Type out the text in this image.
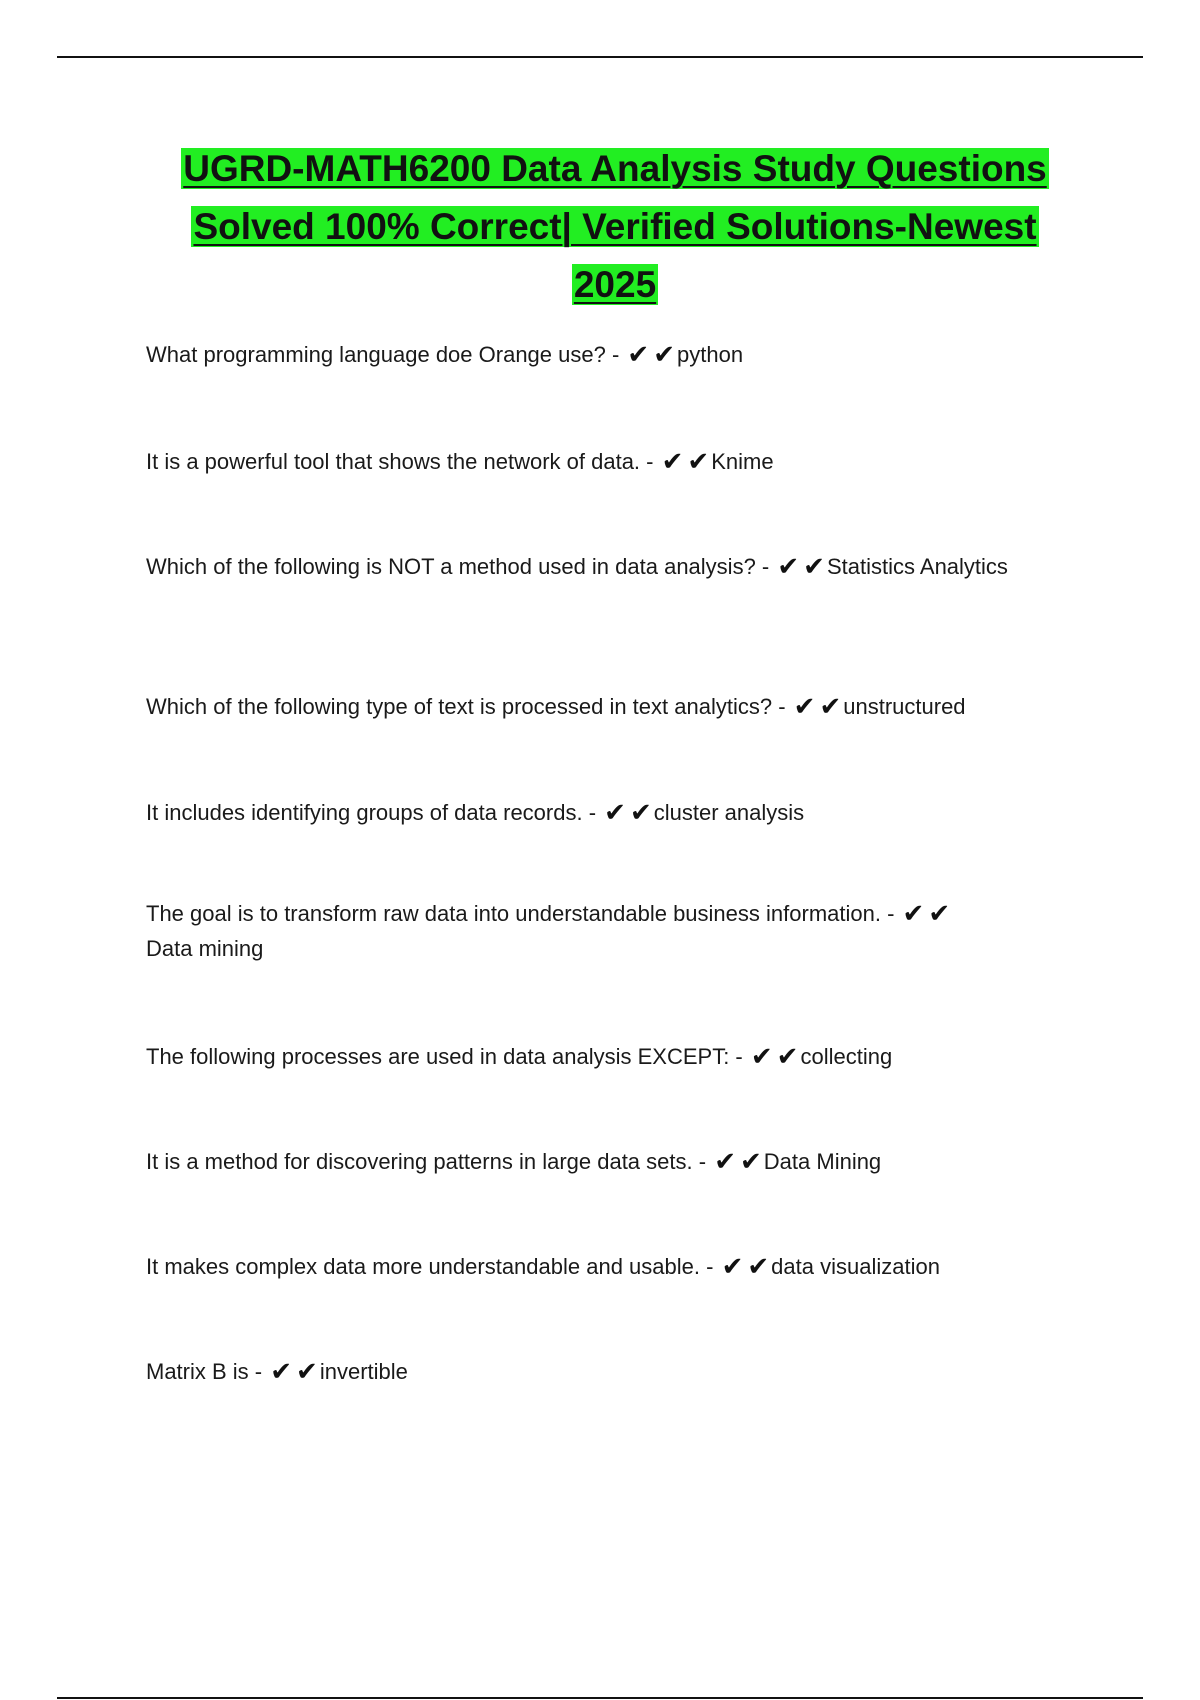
UGRD-MATH6200 Data Analysis Study Questions
Solved 100% Correct| Verified Solutions-Newest
2025
What programming language doe Orange use? - ✔ ✔python
It is a powerful tool that shows the network of data. - ✔ ✔Knime
Which of the following is NOT a method used in data analysis? - ✔ ✔Statistics Analytics
Which of the following type of text is processed in text analytics? - ✔ ✔unstructured
It includes identifying groups of data records. - ✔ ✔cluster analysis
The goal is to transform raw data into understandable business information. - ✔ ✔Data mining
The following processes are used in data analysis EXCEPT: - ✔ ✔collecting
It is a method for discovering patterns in large data sets. - ✔ ✔Data Mining
It makes complex data more understandable and usable. - ✔ ✔data visualization
Matrix B is - ✔ ✔invertible
